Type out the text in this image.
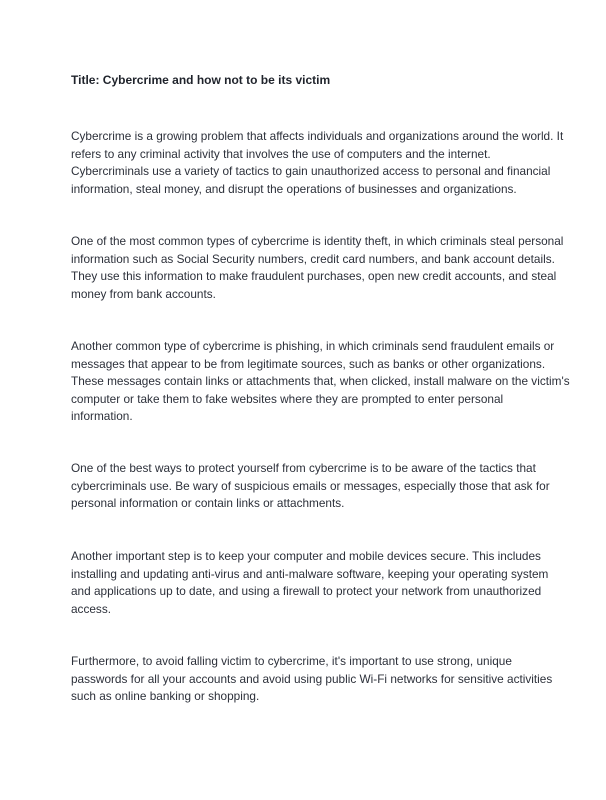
Title: Cybercrime and how not to be its victim
Cybercrime is a growing problem that affects individuals and organizations around the world. It
refers to any criminal activity that involves the use of computers and the internet.
Cybercriminals use a variety of tactics to gain unauthorized access to personal and financial
information, steal money, and disrupt the operations of businesses and organizations.
One of the most common types of cybercrime is identity theft, in which criminals steal personal
information such as Social Security numbers, credit card numbers, and bank account details.
They use this information to make fraudulent purchases, open new credit accounts, and steal
money from bank accounts.
Another common type of cybercrime is phishing, in which criminals send fraudulent emails or
messages that appear to be from legitimate sources, such as banks or other organizations.
These messages contain links or attachments that, when clicked, install malware on the victim's
computer or take them to fake websites where they are prompted to enter personal
information.
One of the best ways to protect yourself from cybercrime is to be aware of the tactics that
cybercriminals use. Be wary of suspicious emails or messages, especially those that ask for
personal information or contain links or attachments.
Another important step is to keep your computer and mobile devices secure. This includes
installing and updating anti-virus and anti-malware software, keeping your operating system
and applications up to date, and using a firewall to protect your network from unauthorized
access.
Furthermore, to avoid falling victim to cybercrime, it's important to use strong, unique
passwords for all your accounts and avoid using public Wi-Fi networks for sensitive activities
such as online banking or shopping.
